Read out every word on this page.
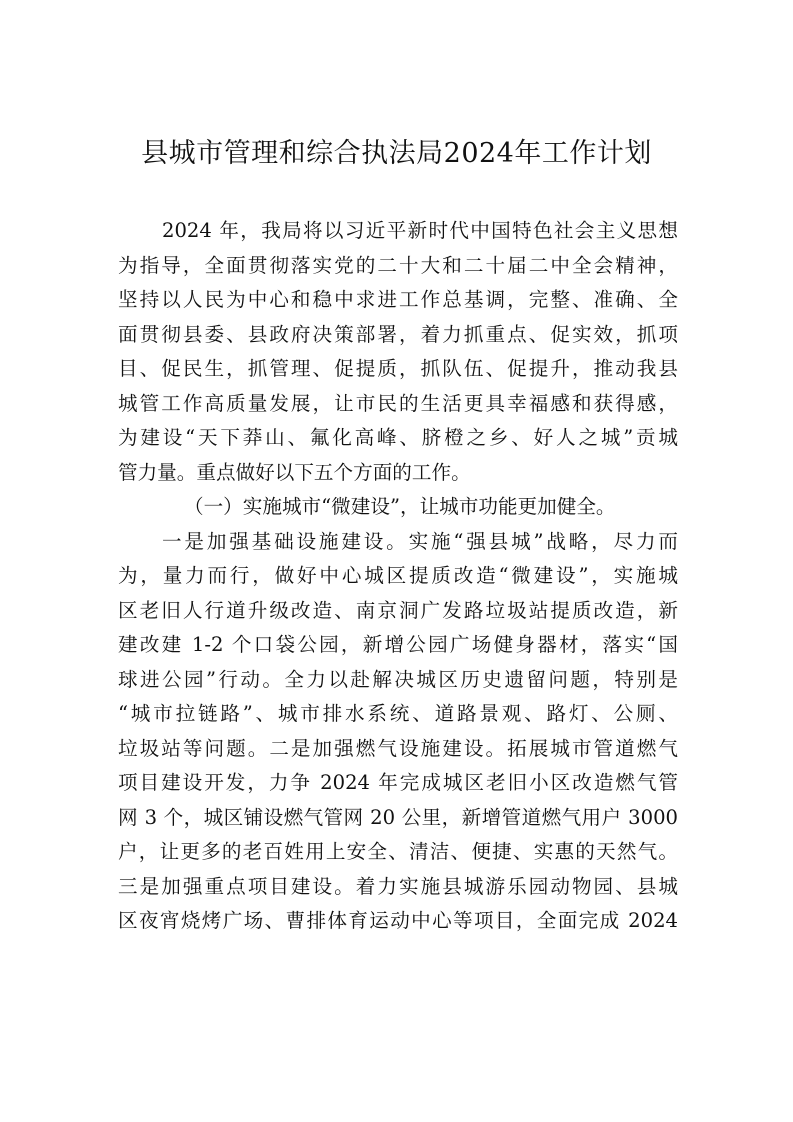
县城市管理和综合执法局2024年工作计划
2024 年，我局将以习近平新时代中国特色社会主义思想
为指导，全面贯彻落实党的二十大和二十届二中全会精神，
坚持以人民为中心和稳中求进工作总基调，完整、准确、全
面贯彻县委、县政府决策部署，着力抓重点、促实效，抓项
目、促民生，抓管理、促提质，抓队伍、促提升，推动我县
城管工作高质量发展，让市民的生活更具幸福感和获得感，
为建设“天下莽山、氟化高峰、脐橙之乡、好人之城”贡城
管力量。重点做好以下五个方面的工作。
（一）实施城市“微建设”，让城市功能更加健全。
一是加强基础设施建设。实施“强县城”战略，尽力而
为，量力而行，做好中心城区提质改造“微建设”，实施城
区老旧人行道升级改造、南京洞广发路垃圾站提质改造，新
建改建 1-2 个口袋公园，新增公园广场健身器材，落实“国
球进公园”行动。全力以赴解决城区历史遗留问题，特别是
“城市拉链路”、城市排水系统、道路景观、路灯、公厕、
垃圾站等问题。二是加强燃气设施建设。拓展城市管道燃气
项目建设开发，力争 2024 年完成城区老旧小区改造燃气管
网 3 个，城区铺设燃气管网 20 公里，新增管道燃气用户 3000
户，让更多的老百姓用上安全、清洁、便捷、实惠的天然气。
三是加强重点项目建设。着力实施县城游乐园动物园、县城
区夜宵烧烤广场、曹排体育运动中心等项目，全面完成 2024
